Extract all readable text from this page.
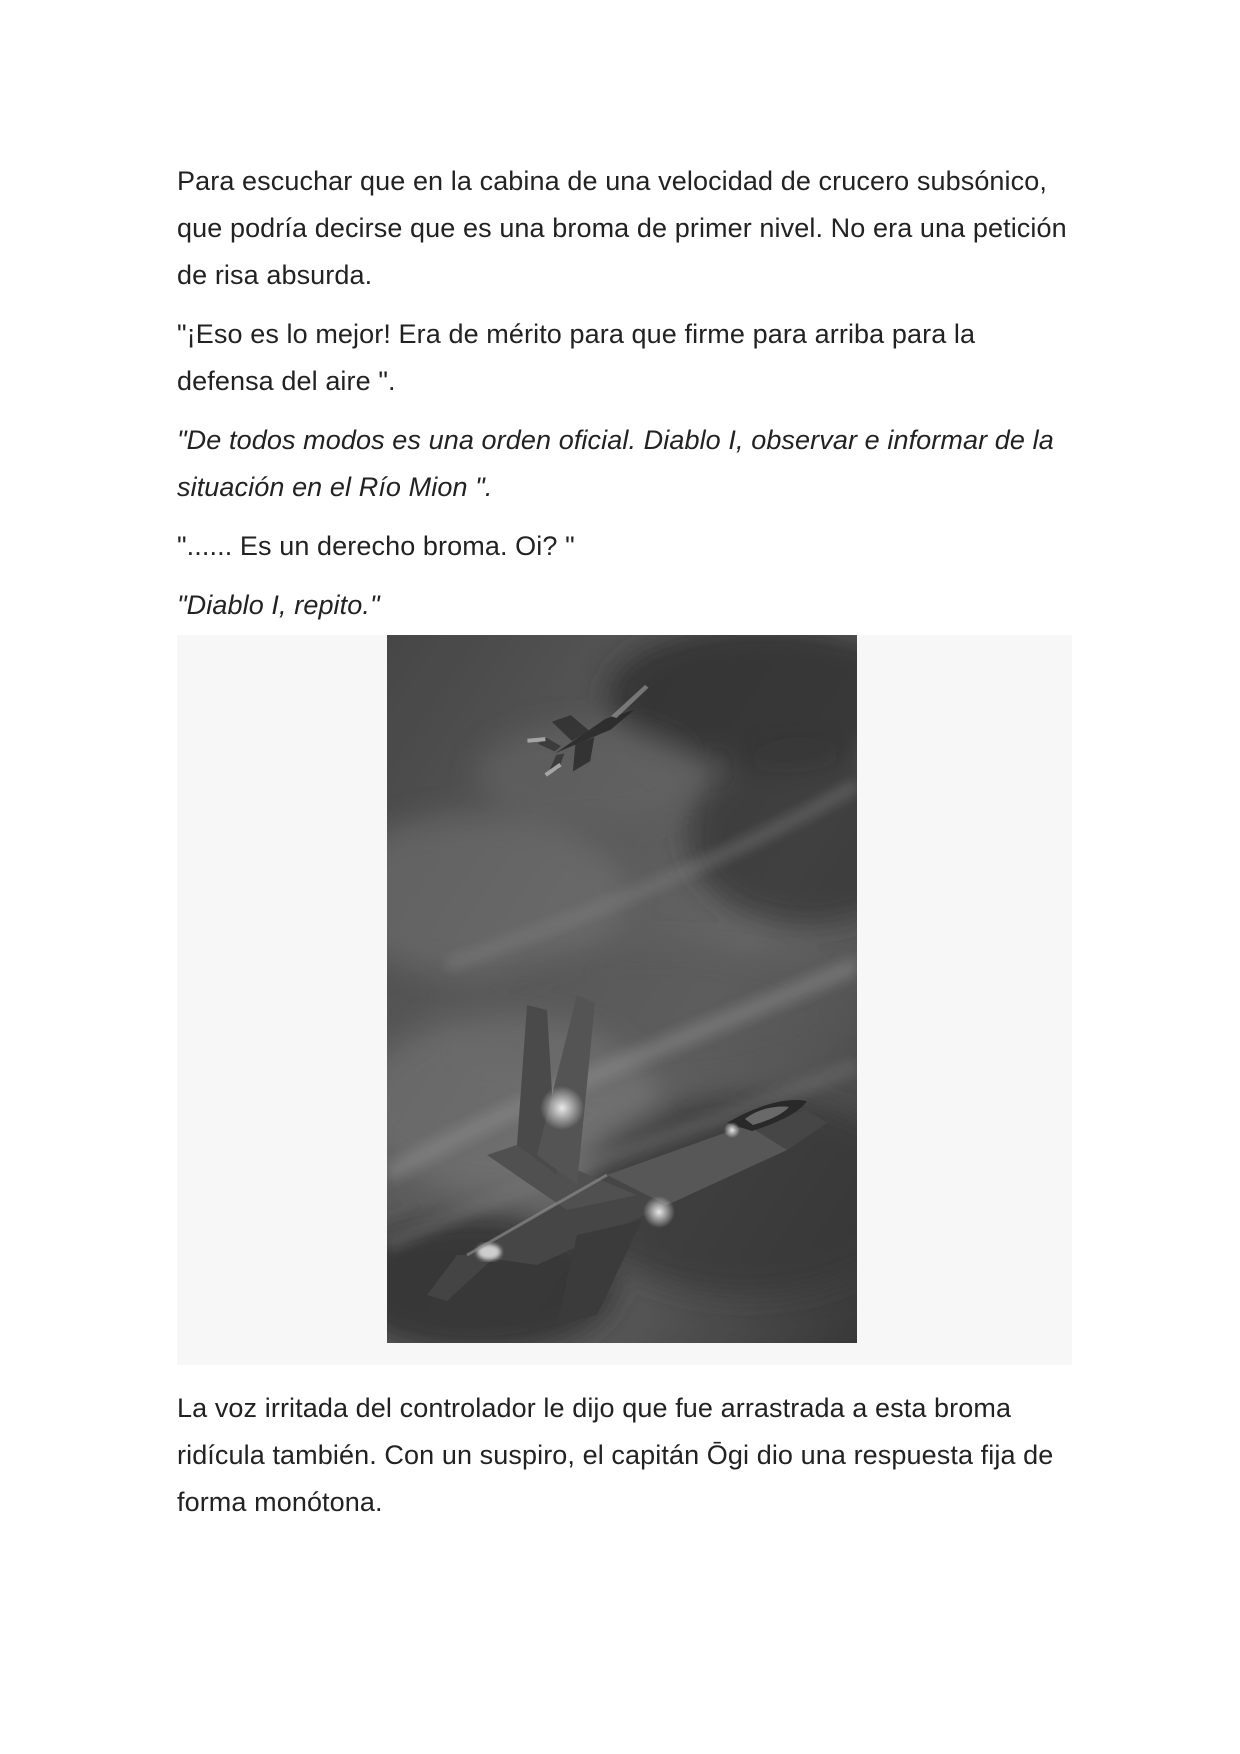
Para escuchar que en la cabina de una velocidad de crucero subsónico, que podría decirse que es una broma de primer nivel. No era una petición de risa absurda.

"¡Eso es lo mejor! Era de mérito para que firme para arriba para la defensa del aire ".

"De todos modos es una orden oficial. Diablo I, observar e informar de la situación en el Río Mion ".

"...... Es un derecho broma. Oi? "

"Diablo I, repito."

La voz irritada del controlador le dijo que fue arrastrada a esta broma ridícula también. Con un suspiro, el capitán Ōgi dio una respuesta fija de forma monótona.
